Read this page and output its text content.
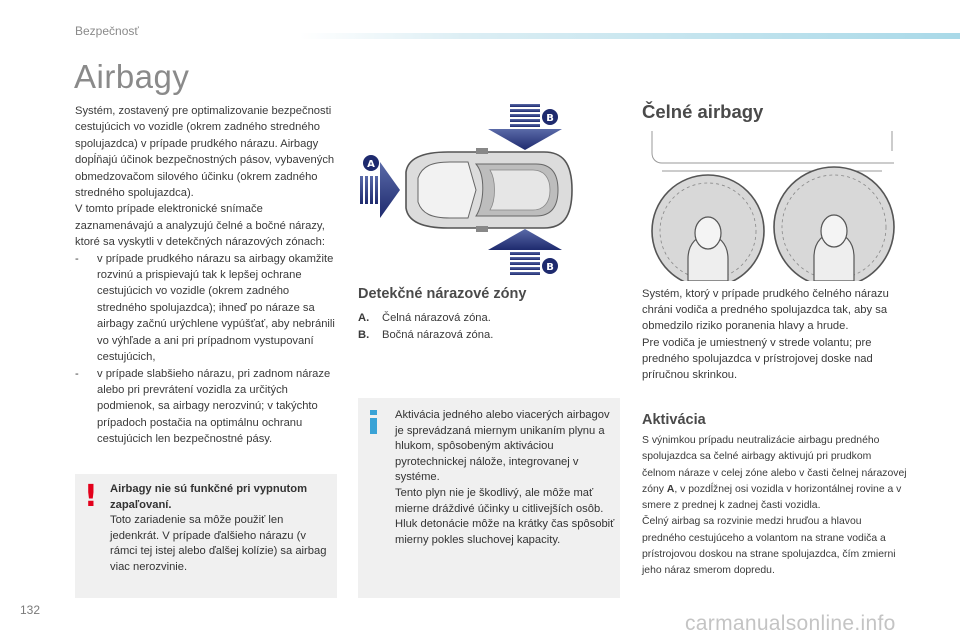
Bezpečnosť
Airbagy

Systém, zostavený pre optimalizovanie bezpečnosti cestujúcich vo vozidle (okrem zadného stredného spolujazdca) v prípade prudkého nárazu. Airbagy dopĺňajú účinok bezpečnostných pásov, vybavených obmedzovačom silového účinku (okrem zadného stredného spolujazdca).

V tomto prípade elektronické snímače zaznamenávajú a analyzujú čelné a bočné nárazy, ktoré sa vyskytli v detekčných nárazových zónach:

- v prípade prudkého nárazu sa airbagy okamžite rozvinú a prispievajú tak k lepšej ochrane cestujúcich vo vozidle (okrem zadného stredného spolujazdca); ihneď po náraze sa airbagy začnú urýchlene vypúšťať, aby nebránili vo výhľade a ani pri prípadnom vystupovaní cestujúcich,
- v prípade slabšieho nárazu, pri zadnom náraze alebo pri prevrátení vozidla za určitých podmienok, sa airbagy nerozvinú; v takýchto prípadoch postačia na optimálnu ochranu cestujúcich len bezpečnostné pásy.
! Airbagy nie sú funkčné pri vypnutom zapaľovaní.
Toto zariadenie sa môže použiť len jedenkrát. V prípade ďalšieho nárazu (v rámci tej istej alebo ďalšej kolízie) sa airbag viac nerozvinie.
A
B
B
Detekčné nárazové zóny
A. Čelná nárazová zóna.
B. Bočná nárazová zóna.
Aktivácia jedného alebo viacerých airbagov je sprevádzaná miernym unikaním plynu a hlukom, spôsobeným aktiváciou pyrotechnickej nálože, integrovanej v systéme.
Tento plyn nie je škodlivý, ale môže mať mierne dráždivé účinky u citlivejších osôb.
Hluk detonácie môže na krátky čas spôsobiť mierny pokles sluchovej kapacity.
Čelné airbagy
Systém, ktorý v prípade prudkého čelného nárazu chráni vodiča a predného spolujazdca tak, aby sa obmedzilo riziko poranenia hlavy a hrude.
Pre vodiča je umiestnený v strede volantu; pre predného spolujazdca v prístrojovej doske nad príručnou skrinkou.
Aktivácia
S výnimkou prípadu neutralizácie airbagu predného spolujazdca sa čelné airbagy aktivujú pri prudkom čelnom náraze v celej zóne alebo v časti čelnej nárazovej zóny A, v pozdĺžnej osi vozidla v horizontálnej rovine a v smere z prednej k zadnej časti vozidla.
Čelný airbag sa rozvinie medzi hruďou a hlavou predného cestujúceho a volantom na strane vodiča a prístrojovou doskou na strane spolujazdca, čím zmierni jeho náraz smerom dopredu.
132
carmanualsonline.info
